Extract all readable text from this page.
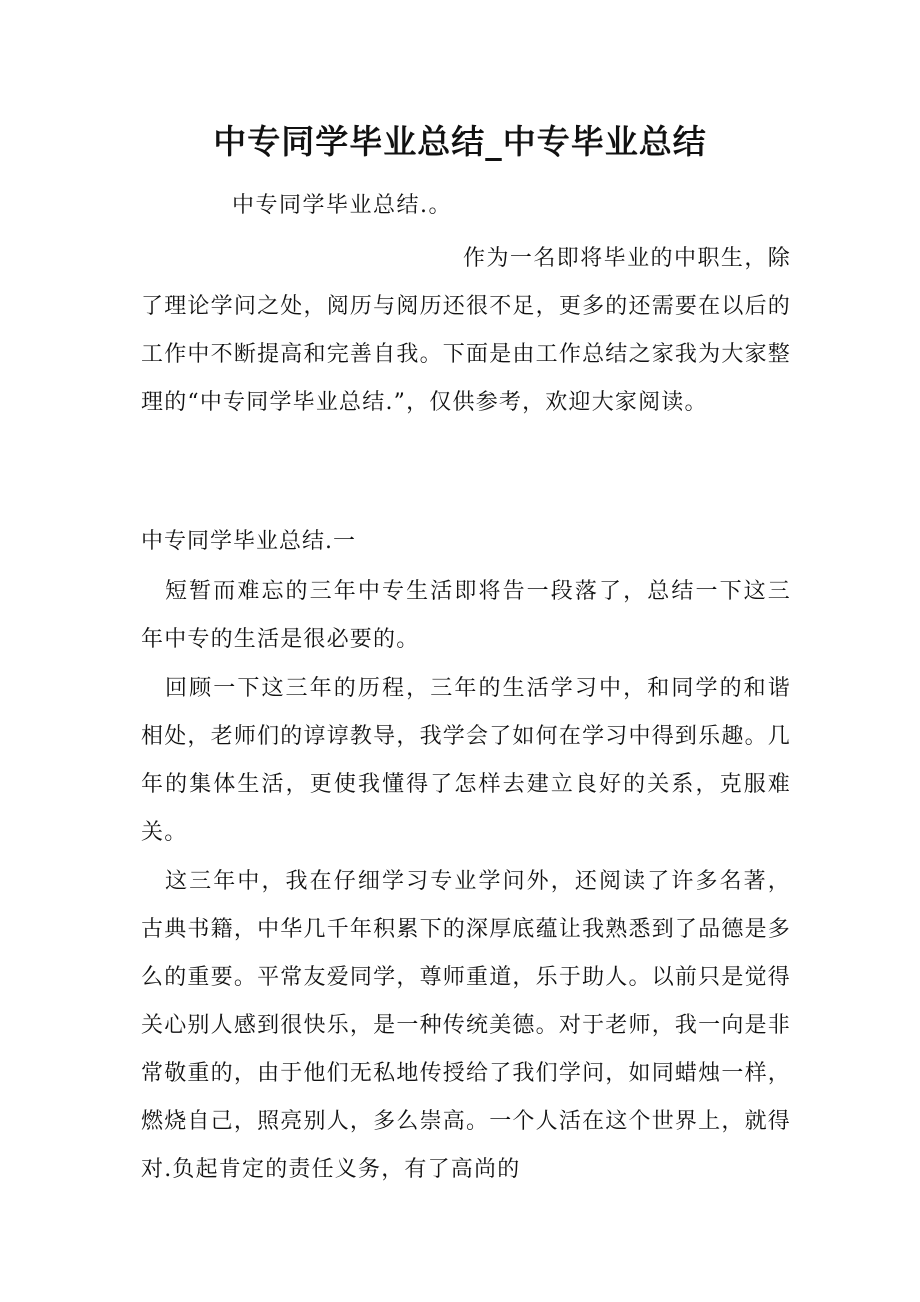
中专同学毕业总结_中专毕业总结
中专同学毕业总结.。

作为一名即将毕业的中职生，除了理论学问之处，阅历与阅历还很不足，更多的还需要在以后的工作中不断提高和完善自我。下面是由工作总结之家我为大家整理的“中专同学毕业总结.”，仅供参考，欢迎大家阅读。

中专同学毕业总结.一

短暂而难忘的三年中专生活即将告一段落了，总结一下这三年中专的生活是很必要的。

回顾一下这三年的历程，三年的生活学习中，和同学的和谐相处，老师们的谆谆教导，我学会了如何在学习中得到乐趣。几年的集体生活，更使我懂得了怎样去建立良好的关系，克服难关。

这三年中，我在仔细学习专业学问外，还阅读了许多名著，古典书籍，中华几千年积累下的深厚底蕴让我熟悉到了品德是多么的重要。平常友爱同学，尊师重道，乐于助人。以前只是觉得关心别人感到很快乐，是一种传统美德。对于老师，我一向是非常敬重的，由于他们无私地传授给了我们学问，如同蜡烛一样，燃烧自己，照亮别人，多么崇高。一个人活在这个世界上，就得对.负起肯定的责任义务，有了高尚的
